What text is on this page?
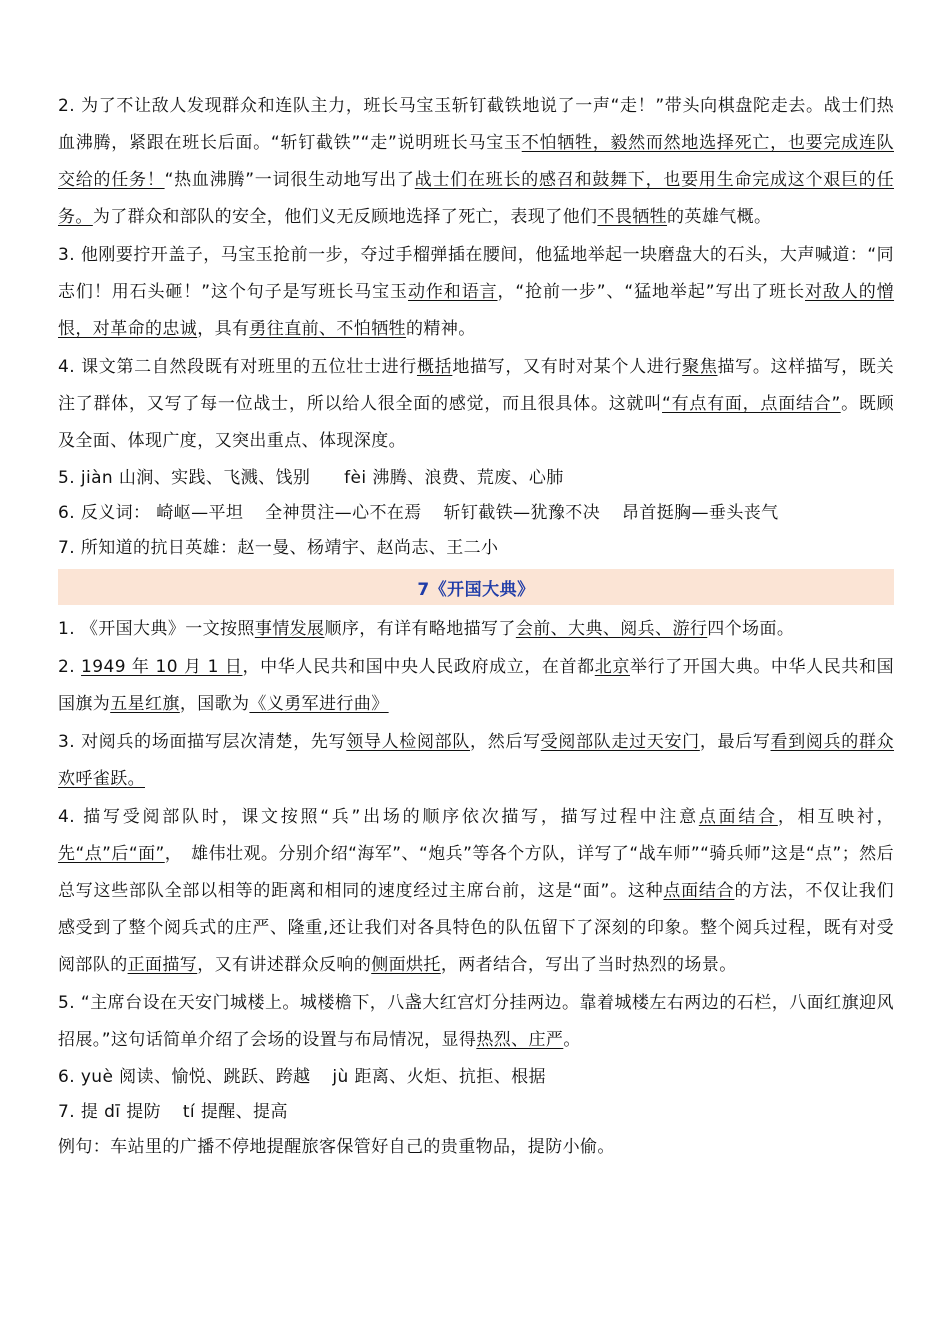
2. 为了不让敌人发现群众和连队主力，班长马宝玉斩钉截铁地说了一声“走！”带头向棋盘陀走去。战士们热血沸腾，紧跟在班长后面。“斩钉截铁”“走”说明班长马宝玉不怕牺牲，毅然而然地选择死亡，也要完成连队交给的任务！“热血沸腾”一词很生动地写出了战士们在班长的感召和鼓舞下，也要用生命完成这个艰巨的任务。为了群众和部队的安全，他们义无反顾地选择了死亡，表现了他们不畏牺牲的英雄气概。

3. 他刚要拧开盖子，马宝玉抢前一步，夺过手榴弹插在腰间，他猛地举起一块磨盘大的石头，大声喊道：“同志们！用石头砸！”这个句子是写班长马宝玉动作和语言，“抢前一步”、“猛地举起”写出了班长对敌人的憎恨，对革命的忠诚，具有勇往直前、不怕牺牲的精神。

4. 课文第二自然段既有对班里的五位壮士进行概括地描写，又有时对某个人进行聚焦描写。这样描写，既关注了群体，又写了每一位战士，所以给人很全面的感觉，而且很具体。这就叫“有点有面，点面结合”。既顾及全面、体现广度，又突出重点、体现深度。

5. jiàn 山涧、实践、飞溅、饯别 fèi 沸腾、浪费、荒废、心肺

6. 反义词： 崎岖—平坦 全神贯注—心不在焉 斩钉截铁—犹豫不决 昂首挺胸—垂头丧气

7. 所知道的抗日英雄：赵一曼、杨靖宇、赵尚志、王二小

7《开国大典》

1. 《开国大典》一文按照事情发展顺序，有详有略地描写了会前、大典、阅兵、游行四个场面。

2. 1949 年 10 月 1 日，中华人民共和国中央人民政府成立，在首都北京举行了开国大典。中华人民共和国国旗为五星红旗，国歌为《义勇军进行曲》

3. 对阅兵的场面描写层次清楚，先写领导人检阅部队，然后写受阅部队走过天安门，最后写看到阅兵的群众欢呼雀跃。

4. 描写受阅部队时，课文按照“兵”出场的顺序依次描写，描写过程中注意点面结合，相互映衬，先“点”后“面”，　雄伟壮观。分别介绍“海军”、“炮兵”等各个方队，详写了“战车师”“骑兵师”这是“点”；然后总写这些部队全部以相等的距离和相同的速度经过主席台前，这是“面”。这种点面结合的方法，不仅让我们感受到了整个阅兵式的庄严、隆重,还让我们对各具特色的队伍留下了深刻的印象。整个阅兵过程，既有对受阅部队的正面描写，又有讲述群众反响的侧面烘托，两者结合，写出了当时热烈的场景。

5. “主席台设在天安门城楼上。城楼檐下，八盏大红宫灯分挂两边。靠着城楼左右两边的石栏，八面红旗迎风招展。”这句话简单介绍了会场的设置与布局情况，显得热烈、庄严。

6. yuè 阅读、愉悦、跳跃、跨越 jù 距离、火炬、抗拒、根据

7. 提 dī 提防 tí 提醒、提高

例句：车站里的广播不停地提醒旅客保管好自己的贵重物品，提防小偷。
